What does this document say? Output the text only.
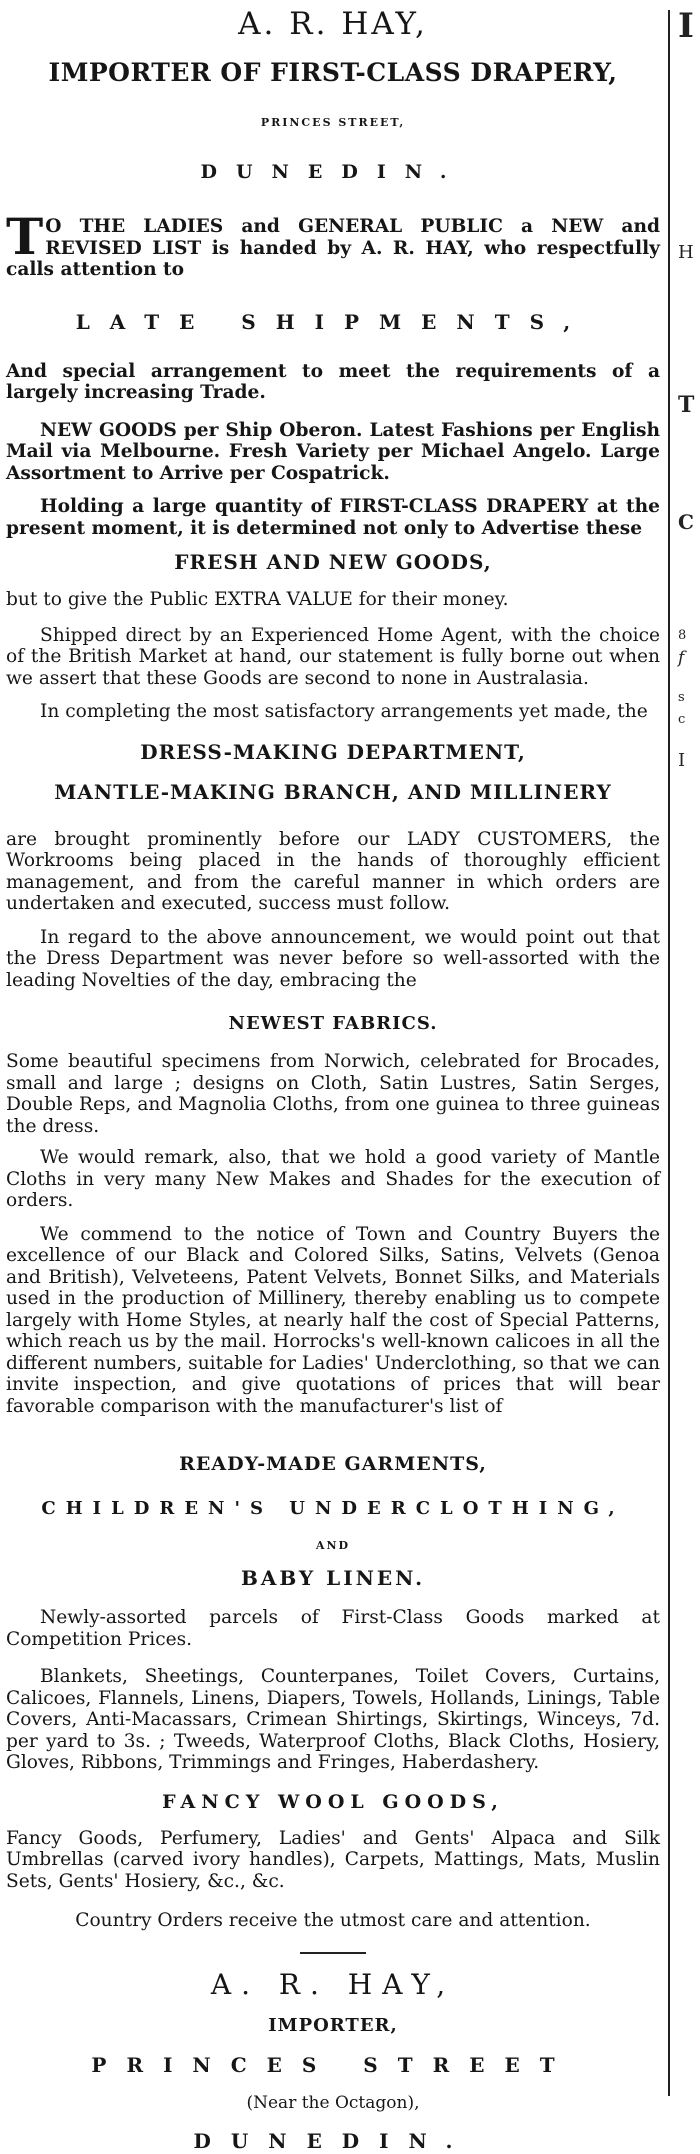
A. R. HAY,

IMPORTER OF FIRST-CLASS DRAPERY,

PRINCES STREET,

DUNEDIN.

T O THE LADIES and GENERAL PUBLIC a NEW and REVISED LIST is handed by A. R. HAY, who respectfully calls attention to

LATE SHIPMENTS,

And special arrangement to meet the requirements of a largely increasing Trade.

NEW GOODS per Ship Oberon. Latest Fashions per English Mail via Melbourne. Fresh Variety per Michael Angelo. Large Assortment to Arrive per Cospatrick.

Holding a large quantity of FIRST-CLASS DRAPERY at the present moment, it is determined not only to Advertise these

FRESH AND NEW GOODS,

but to give the Public EXTRA VALUE for their money.

Shipped direct by an Experienced Home Agent, with the choice of the British Market at hand, our statement is fully borne out when we assert that these Goods are second to none in Australasia.

In completing the most satisfactory arrangements yet made, the

DRESS-MAKING DEPARTMENT,

MANTLE-MAKING BRANCH, AND MILLINERY

are brought prominently before our LADY CUSTOMERS, the Workrooms being placed in the hands of thoroughly efficient management, and from the careful manner in which orders are undertaken and executed, success must follow.

In regard to the above announcement, we would point out that the Dress Department was never before so well-assorted with the leading Novelties of the day, embracing the

NEWEST FABRICS.

Some beautiful specimens from Norwich, celebrated for Brocades, small and large ; designs on Cloth, Satin Lustres, Satin Serges, Double Reps, and Magnolia Cloths, from one guinea to three guineas the dress.

We would remark, also, that we hold a good variety of Mantle Cloths in very many New Makes and Shades for the execution of orders.

We commend to the notice of Town and Country Buyers the excellence of our Black and Colored Silks, Satins, Velvets (Genoa and British), Velveteens, Patent Velvets, Bonnet Silks, and Materials used in the production of Millinery, thereby enabling us to compete largely with Home Styles, at nearly half the cost of Special Patterns, which reach us by the mail. Horrocks's well-known calicoes in all the different numbers, suitable for Ladies' Underclothing, so that we can invite inspection, and give quotations of prices that will bear favorable comparison with the manufacturer's list of

READY-MADE GARMENTS,

CHILDREN'S UNDERCLOTHING,

AND

BABY LINEN.

Newly-assorted parcels of First-Class Goods marked at Competition Prices.

Blankets, Sheetings, Counterpanes, Toilet Covers, Curtains, Calicoes, Flannels, Linens, Diapers, Towels, Hollands, Linings, Table Covers, Anti-Macassars, Crimean Shirtings, Skirtings, Winceys, 7d. per yard to 3s. ; Tweeds, Waterproof Cloths, Black Cloths, Hosiery, Gloves, Ribbons, Trimmings and Fringes, Haberdashery.

FANCY WOOL GOODS,

Fancy Goods, Perfumery, Ladies' and Gents' Alpaca and Silk Umbrellas (carved ivory handles), Carpets, Mattings, Mats, Muslin Sets, Gents' Hosiery, &c., &c.

Country Orders receive the utmost care and attention.

A. R. HAY,

IMPORTER,

PRINCES STREET

(Near the Octagon),

DUNEDIN.

I
H
T
C
8
f
s
c
I
